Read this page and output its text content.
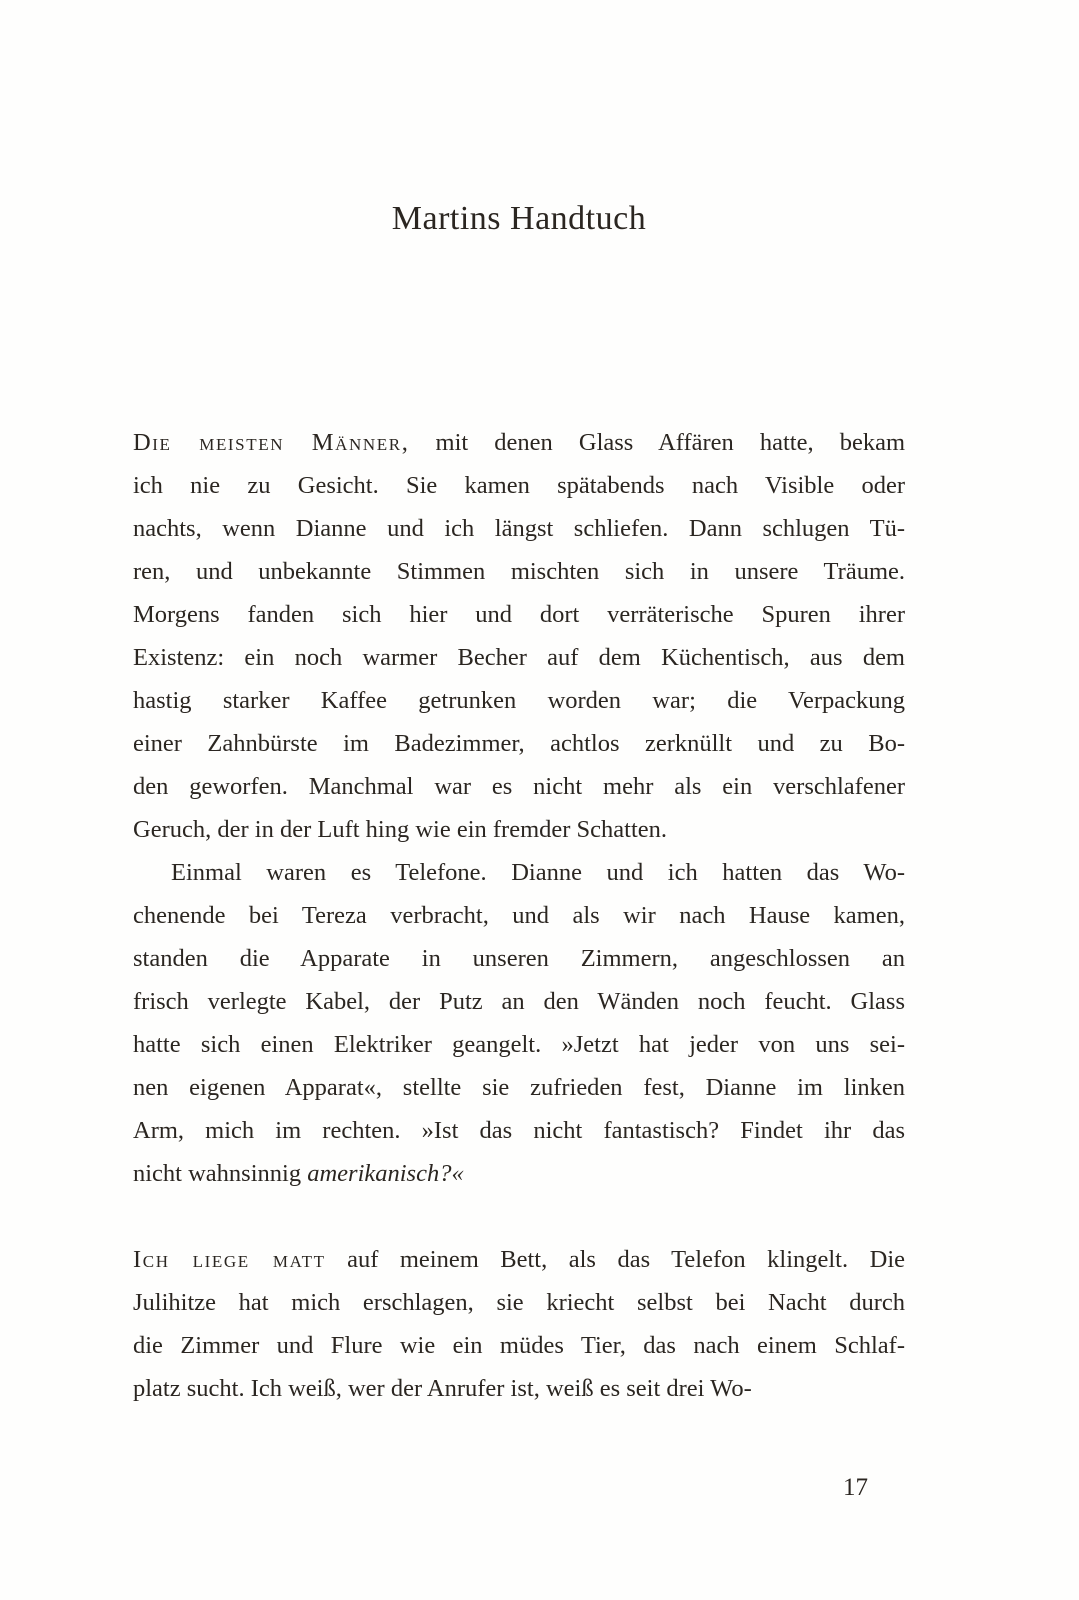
Martins Handtuch
Die meisten Männer, mit denen Glass Affären hatte, bekam
ich nie zu Gesicht. Sie kamen spätabends nach Visible oder
nachts, wenn Dianne und ich längst schliefen. Dann schlugen Tü-
ren, und unbekannte Stimmen mischten sich in unsere Träume.
Morgens fanden sich hier und dort verräterische Spuren ihrer
Existenz: ein noch warmer Becher auf dem Küchentisch, aus dem
hastig starker Kaffee getrunken worden war; die Verpackung
einer Zahnbürste im Badezimmer, achtlos zerknüllt und zu Bo-
den geworfen. Manchmal war es nicht mehr als ein verschlafener
Geruch, der in der Luft hing wie ein fremder Schatten.
Einmal waren es Telefone. Dianne und ich hatten das Wo-
chenende bei Tereza verbracht, und als wir nach Hause kamen,
standen die Apparate in unseren Zimmern, angeschlossen an
frisch verlegte Kabel, der Putz an den Wänden noch feucht. Glass
hatte sich einen Elektriker geangelt. »Jetzt hat jeder von uns sei-
nen eigenen Apparat«, stellte sie zufrieden fest, Dianne im linken
Arm, mich im rechten. »Ist das nicht fantastisch? Findet ihr das
nicht wahnsinnig amerikanisch?«
Ich liege matt auf meinem Bett, als das Telefon klingelt. Die
Julihitze hat mich erschlagen, sie kriecht selbst bei Nacht durch
die Zimmer und Flure wie ein müdes Tier, das nach einem Schlaf-
platz sucht. Ich weiß, wer der Anrufer ist, weiß es seit drei Wo-
17
